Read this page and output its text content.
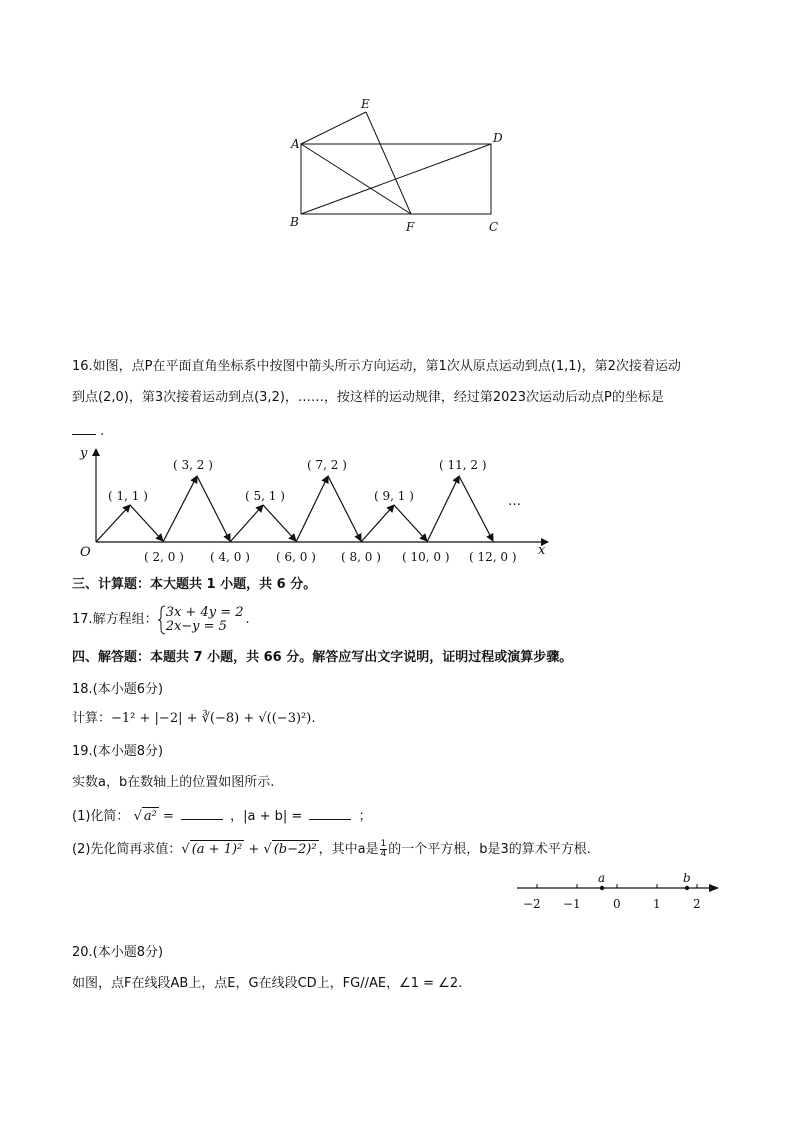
A
B	C
D
E
F
16.如图，点P在平面直角坐标系中按图中箭头所示方向运动，第1次从原点运动到点(1,1)，第2次接着运动
到点(2,0)，第3次接着运动到点(3,2)，……，按这样的运动规律，经过第2023次运动后动点P的坐标是
.
y
x
O
…
( 1, 1 )
( 3, 2 )
( 5, 1 )
( 7, 2 )
( 9, 1 )
( 11, 2 )
( 2, 0 ) ( 4, 0 ) ( 6, 0 ) ( 8, 0 ) ( 10, 0 ) ( 12, 0 )
三、计算题：本大题共 1 小题，共 6 分。
17.解方程组： 3x + 4y = 2
2x−y = 5	.
四、解答题：本题共 7 小题，共 66 分。解答应写出文字说明，证明过程或演算步骤。
18.(本小题6分)
计算：−1² + |−2| + ∛(−8) + √((−3)²).
19.(本小题8分)
实数a，b在数轴上的位置如图所示.
(1)化简： √ a² =	，|a + b| =	；
(2)先化简再求值： √ (a + 1)² + √ (b−2)² ，其中a是 $\frac{1}{4}$ 的一个平方根，b是3的算术平方根.
a	b
−2 −1	0	1	2
20.(本小题8分)
如图，点F在线段AB上，点E，G在线段CD上，FG//AE，∠1 = ∠2.
